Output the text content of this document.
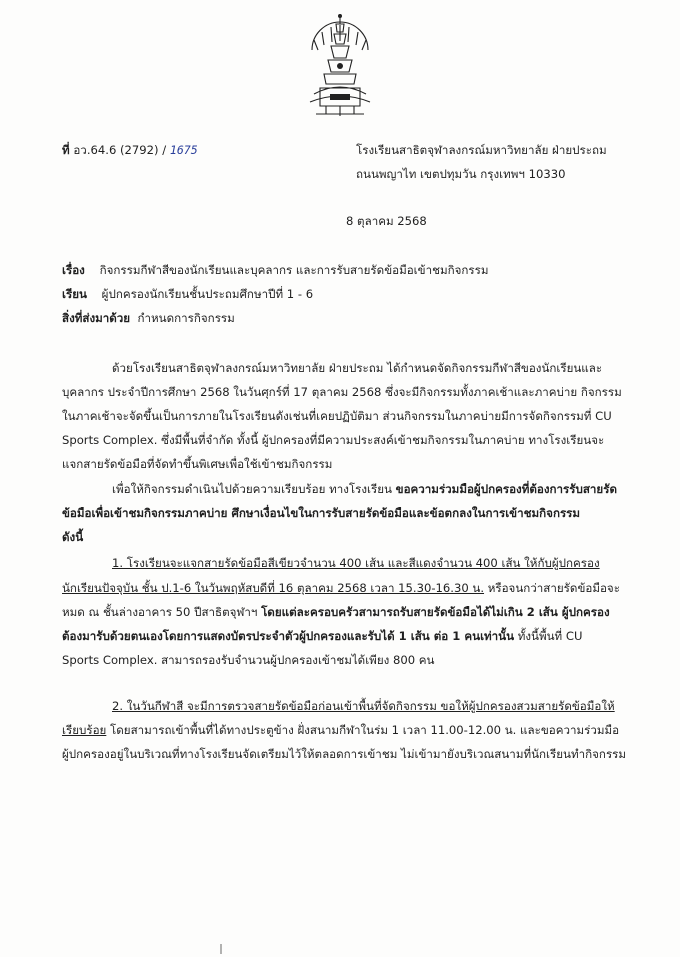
ที่ อว.64.6 (2792) / 1675	โรงเรียนสาธิตจุฬาลงกรณ์มหาวิทยาลัย ฝ่ายประถม
ถนนพญาไท เขตปทุมวัน กรุงเทพฯ 10330
8 ตุลาคม 2568
เรื่อง กิจกรรมกีฬาสีของนักเรียนและบุคลากร และการรับสายรัดข้อมือเข้าชมกิจกรรม
เรียน ผู้ปกครองนักเรียนชั้นประถมศึกษาปีที่ 1 - 6
สิ่งที่ส่งมาด้วย กำหนดการกิจกรรม
ด้วยโรงเรียนสาธิตจุฬาลงกรณ์มหาวิทยาลัย ฝ่ายประถม ได้กำหนดจัดกิจกรรมกีฬาสีของนักเรียนและ
บุคลากร ประจำปีการศึกษา 2568 ในวันศุกร์ที่ 17 ตุลาคม 2568 ซึ่งจะมีกิจกรรมทั้งภาคเช้าและภาคบ่าย กิจกรรม
ในภาคเช้าจะจัดขึ้นเป็นการภายในโรงเรียนดังเช่นที่เคยปฏิบัติมา ส่วนกิจกรรมในภาคบ่ายมีการจัดกิจกรรมที่ CU
Sports Complex. ซึ่งมีพื้นที่จำกัด ทั้งนี้ ผู้ปกครองที่มีความประสงค์เข้าชมกิจกรรมในภาคบ่าย ทางโรงเรียนจะ
แจกสายรัดข้อมือที่จัดทำขึ้นพิเศษเพื่อใช้เข้าชมกิจกรรม
เพื่อให้กิจกรรมดำเนินไปด้วยความเรียบร้อย ทางโรงเรียน ขอความร่วมมือผู้ปกครองที่ต้องการรับสายรัด
ข้อมือเพื่อเข้าชมกิจกรรมภาคบ่าย ศึกษาเงื่อนไขในการรับสายรัดข้อมือและข้อตกลงในการเข้าชมกิจกรรม
ดังนี้
1. โรงเรียนจะแจกสายรัดข้อมือสีเขียวจำนวน 400 เส้น และสีแดงจำนวน 400 เส้น ให้กับผู้ปกครอง
นักเรียนปัจจุบัน ชั้น ป.1-6 ในวันพฤหัสบดีที่ 16 ตุลาคม 2568 เวลา 15.30-16.30 น. หรือจนกว่าสายรัดข้อมือจะ
หมด ณ ชั้นล่างอาคาร 50 ปีสาธิตจุฬาฯ โดยแต่ละครอบครัวสามารถรับสายรัดข้อมือได้ไม่เกิน 2 เส้น ผู้ปกครอง
ต้องมารับด้วยตนเองโดยการแสดงบัตรประจำตัวผู้ปกครองและรับได้ 1 เส้น ต่อ 1 คนเท่านั้น ทั้งนี้พื้นที่ CU
Sports Complex. สามารถรองรับจำนวนผู้ปกครองเข้าชมได้เพียง 800 คน
2. ในวันกีฬาสี จะมีการตรวจสายรัดข้อมือก่อนเข้าพื้นที่จัดกิจกรรม ขอให้ผู้ปกครองสวมสายรัดข้อมือให้
เรียบร้อย โดยสามารถเข้าพื้นที่ได้ทางประตูข้าง ฝั่งสนามกีฬาในร่ม 1 เวลา 11.00-12.00 น. และขอความร่วมมือ
ผู้ปกครองอยู่ในบริเวณที่ทางโรงเรียนจัดเตรียมไว้ให้ตลอดการเข้าชม ไม่เข้ามายังบริเวณสนามที่นักเรียนทำกิจกรรม
